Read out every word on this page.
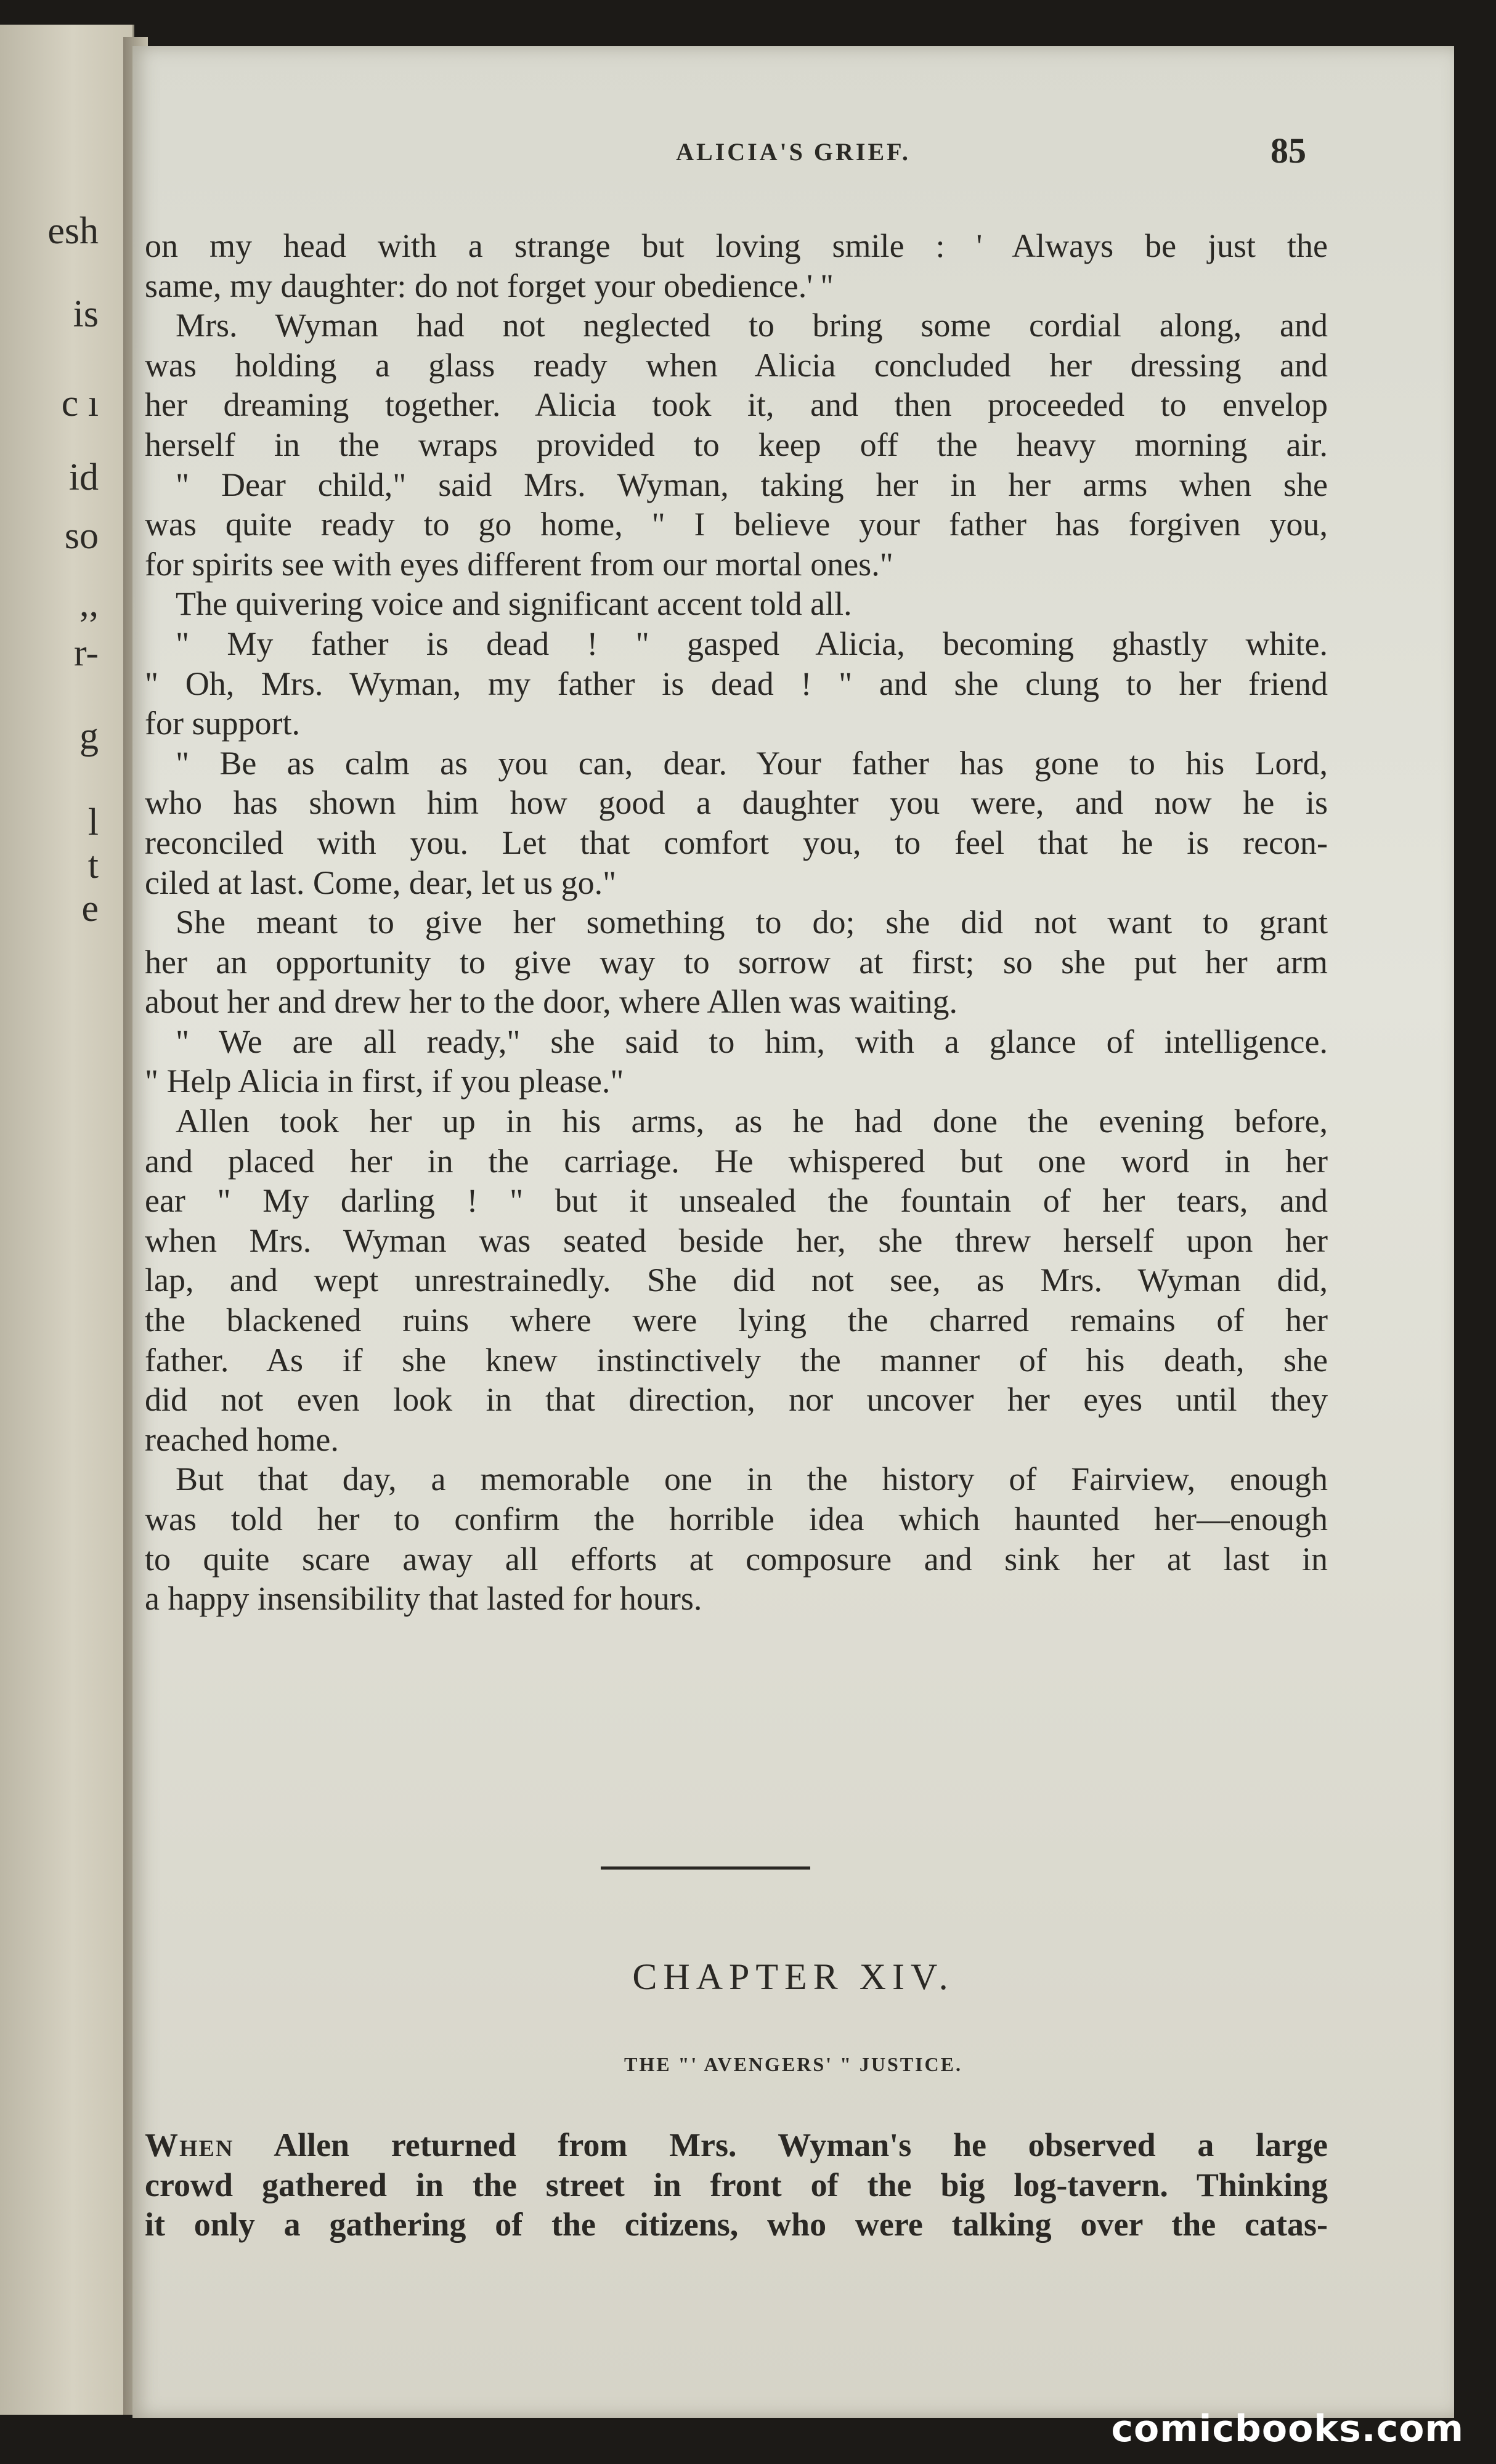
esh
is
c ı
id
so
,,
r-
g
l
t
e
ALICIA'S GRIEF.	85
on my head with a strange but loving smile : ' Always be just the
same, my daughter: do not forget your obedience.' ''
Mrs. Wyman had not neglected to bring some cordial along, and
was holding a glass ready when Alicia concluded her dressing and
her dreaming together. Alicia took it, and then proceeded to envelop
herself in the wraps provided to keep off the heavy morning air.
" Dear child," said Mrs. Wyman, taking her in her arms when she
was quite ready to go home, " I believe your father has forgiven you,
for spirits see with eyes different from our mortal ones."
The quivering voice and significant accent told all.
" My father is dead ! " gasped Alicia, becoming ghastly white.
" Oh, Mrs. Wyman, my father is dead ! " and she clung to her friend
for support.
" Be as calm as you can, dear. Your father has gone to his Lord,
who has shown him how good a daughter you were, and now he is
reconciled with you. Let that comfort you, to feel that he is recon-
ciled at last. Come, dear, let us go."
She meant to give her something to do; she did not want to grant
her an opportunity to give way to sorrow at first; so she put her arm
about her and drew her to the door, where Allen was waiting.
" We are all ready," she said to him, with a glance of intelligence.
" Help Alicia in first, if you please."
Allen took her up in his arms, as he had done the evening before,
and placed her in the carriage. He whispered but one word in her
ear " My darling ! " but it unsealed the fountain of her tears, and
when Mrs. Wyman was seated beside her, she threw herself upon her
lap, and wept unrestrainedly. She did not see, as Mrs. Wyman did,
the blackened ruins where were lying the charred remains of her
father. As if she knew instinctively the manner of his death, she
did not even look in that direction, nor uncover her eyes until they
reached home.
But that day, a memorable one in the history of Fairview, enough
was told her to confirm the horrible idea which haunted her—enough
to quite scare away all efforts at composure and sink her at last in
a happy insensibility that lasted for hours.
CHAPTER XIV.
THE "' AVENGERS' " JUSTICE.
When Allen returned from Mrs. Wyman's he observed a large
crowd gathered in the street in front of the big log-tavern. Thinking
it only a gathering of the citizens, who were talking over the catas-
comicbooks.com
